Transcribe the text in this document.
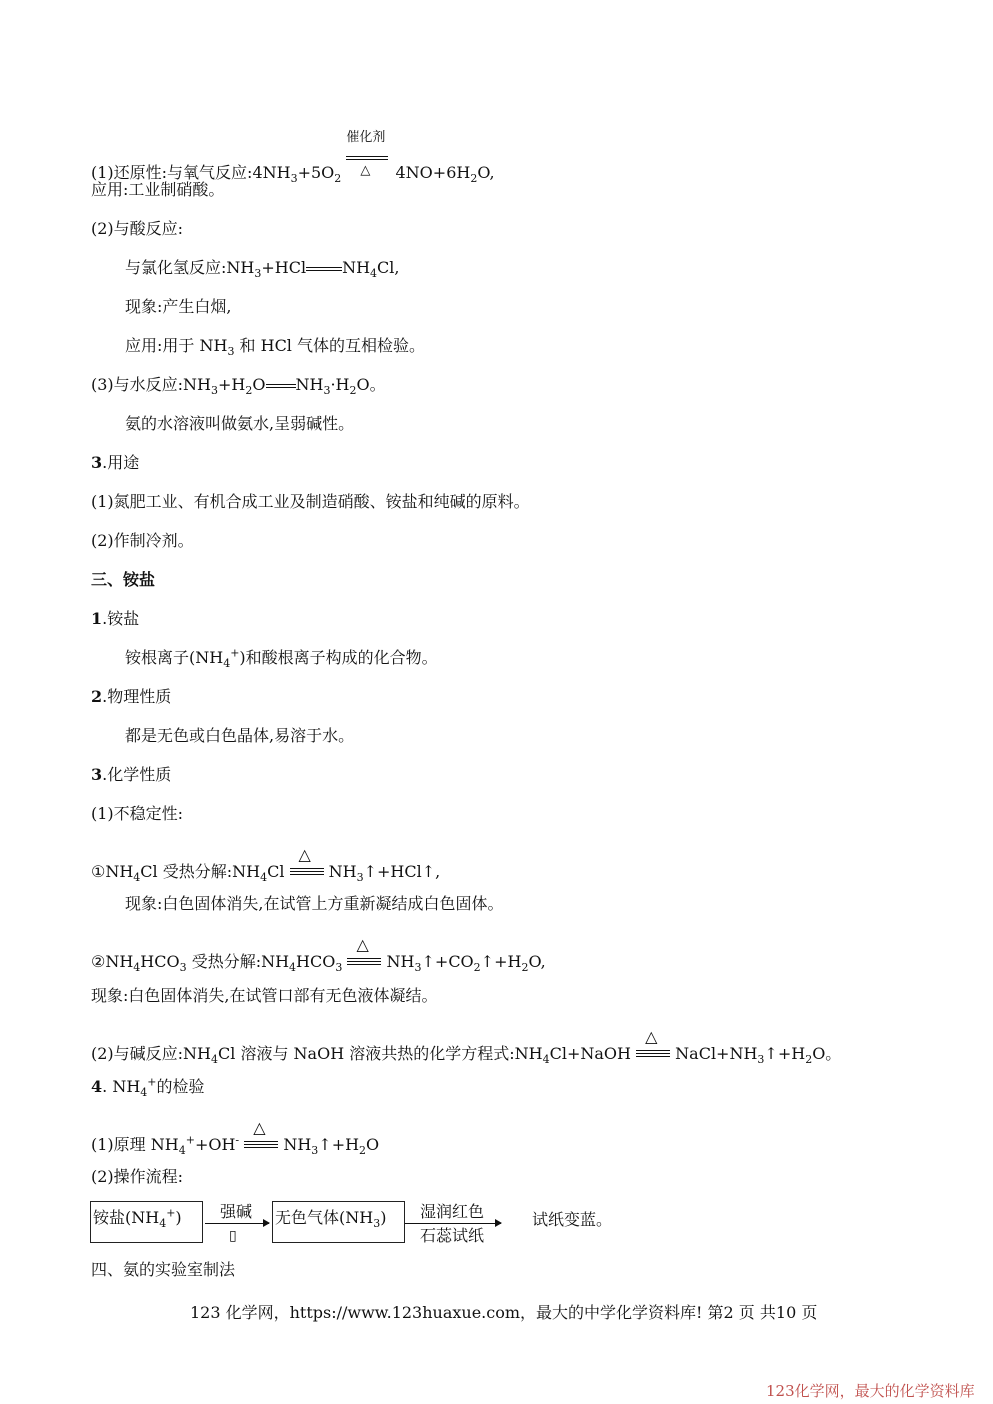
(1)还原性:与氧气反应$:4NH_3+5O_2$
催化剂
△ $4NO+6H_2O$,
应用:工业制硝酸。
(2)与酸反应:
与氯化氢反应$:NH_3+HCl$ $NH_4Cl$,
现象:产生白烟,
应用:用于 $NH_3$ 和 HCl 气体的互相检验。
(3)与水反应$:NH_3+H_2O$ $NH_3\cdot H_2O$。
氨的水溶液叫做氨水,呈弱碱性。
3.用途
(1)氮肥工业、有机合成工业及制造硝酸、铵盐和纯碱的原料。
(2)作制冷剂。
三、铵盐
1.铵盐
铵根离子$(NH_4^+)$和酸根离子构成的化合物。
2.物理性质
都是无色或白色晶体,易溶于水。
3.化学性质
(1)不稳定性:
$①NH_4Cl$ 受热分解$:NH_4Cl$
△
$NH_3↑+HCl↑$,
现象:白色固体消失,在试管上方重新凝结成白色固体。
$②NH_4HCO_3$ 受热分解$:NH_4HCO_3$
△
$NH_3↑+CO_2↑+H_2O$,
现象:白色固体消失,在试管口部有无色液体凝结。
(2)与碱反应$:NH_4Cl$ 溶液与 NaOH 溶液共热的化学方程式$:NH_4Cl+NaOH$
△
$NaCl+NH_3↑+H_2O$。
4. $NH_4^+$的检验
(1)原理 $NH_4^++OH^-$
△
$NH_3↑+H_2O$
(2)操作流程:
铵盐$(NH_4^+)$	强碱
▯
无色气体$(NH_3)$	湿润红色
石蕊试纸
试纸变蓝。
四、氨的实验室制法
123 化学网，https://www.123huaxue.com，最大的中学化学资料库! 第2 页 共10 页
123化学网，最大的化学资料库
